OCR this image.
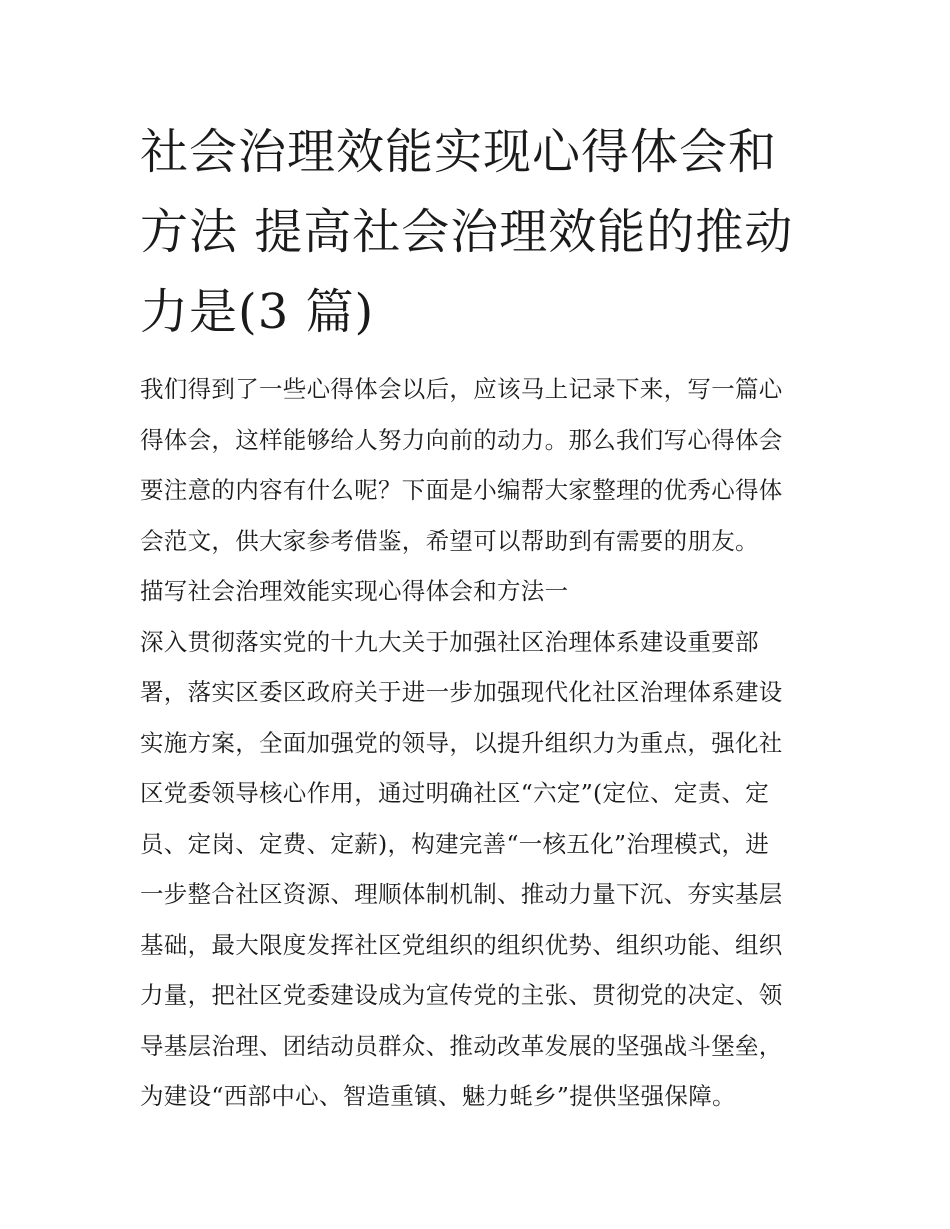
社会治理效能实现心得体会和
方法 提高社会治理效能的推动
力是(3 篇)
我们得到了一些心得体会以后，应该马上记录下来，写一篇心
得体会，这样能够给人努力向前的动力。那么我们写心得体会
要注意的内容有什么呢？下面是小编帮大家整理的优秀心得体
会范文，供大家参考借鉴，希望可以帮助到有需要的朋友。
描写社会治理效能实现心得体会和方法一
深入贯彻落实党的十九大关于加强社区治理体系建设重要部
署，落实区委区政府关于进一步加强现代化社区治理体系建设
实施方案，全面加强党的领导，以提升组织力为重点，强化社
区党委领导核心作用，通过明确社区“六定”(定位、定责、定
员、定岗、定费、定薪)，构建完善“一核五化”治理模式，进
一步整合社区资源、理顺体制机制、推动力量下沉、夯实基层
基础，最大限度发挥社区党组织的组织优势、组织功能、组织
力量，把社区党委建设成为宣传党的主张、贯彻党的决定、领
导基层治理、团结动员群众、推动改革发展的坚强战斗堡垒，
为建设“西部中心、智造重镇、魅力蚝乡”提供坚强保障。
